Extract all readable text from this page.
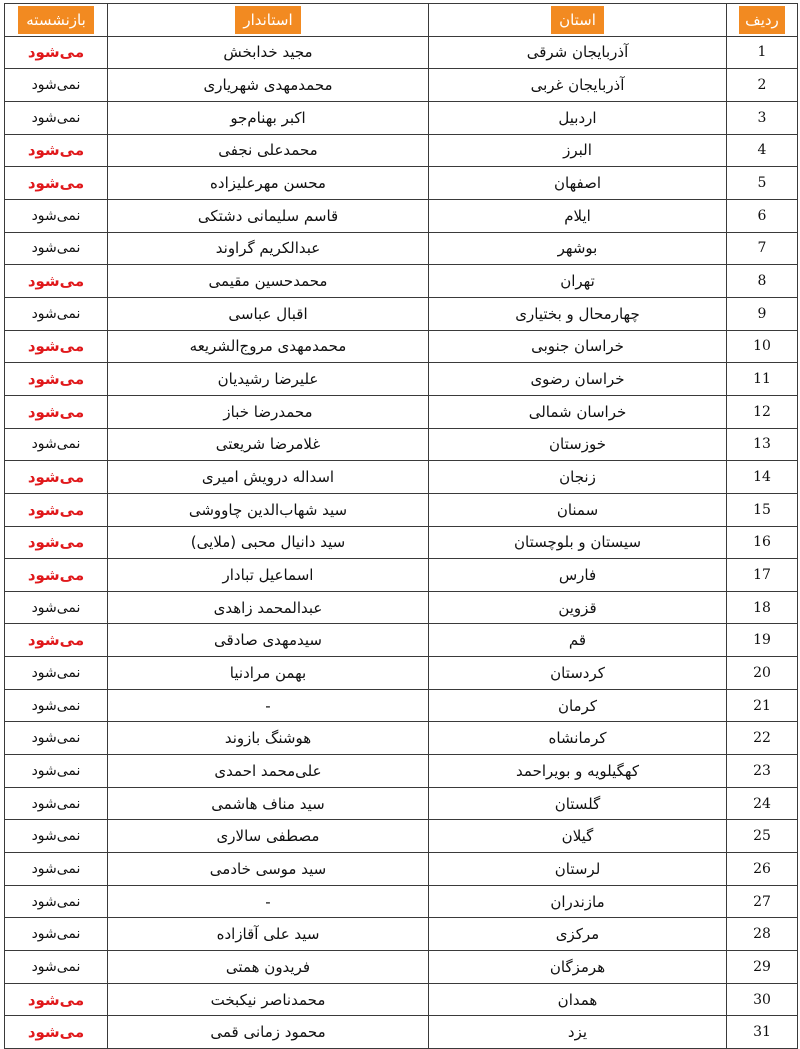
ردیف	استان	استاندار	بازنشسته
1	آذربایجان شرقی	مجید خدابخش	می‌شود
2	آذربایجان غربی	محمدمهدی شهریاری	نمی‌شود
3	اردبیل	اکبر بهنام‌جو	نمی‌شود
4	البرز	محمدعلی نجفی	می‌شود
5	اصفهان	محسن مهرعلیزاده	می‌شود
6	ایلام	قاسم سلیمانی دشتکی	نمی‌شود
7	بوشهر	عبدالکریم گراوند	نمی‌شود
8	تهران	محمدحسین مقیمی	می‌شود
9	چهارمحال و بختیاری	اقبال عباسی	نمی‌شود
10	خراسان جنوبی	محمدمهدی مروج‌الشریعه	می‌شود
11	خراسان رضوی	علیرضا رشیدیان	می‌شود
12	خراسان شمالی	محمدرضا خباز	می‌شود
13	خوزستان	غلامرضا شریعتی	نمی‌شود
14	زنجان	اسداله درویش امیری	می‌شود
15	سمنان	سید شهاب‌الدین چاووشی	می‌شود
16	سیستان و بلوچستان	سید دانیال محبی (ملایی)	می‌شود
17	فارس	اسماعیل تبادار	می‌شود
18	قزوین	عبدالمحمد زاهدی	نمی‌شود
19	قم	سیدمهدی صادقی	می‌شود
20	کردستان	بهمن مرادنیا	نمی‌شود
21	کرمان	-	نمی‌شود
22	کرمانشاه	هوشنگ بازوند	نمی‌شود
23	کهگیلویه و بویراحمد	علی‌محمد احمدی	نمی‌شود
24	گلستان	سید مناف هاشمی	نمی‌شود
25	گیلان	مصطفی سالاری	نمی‌شود
26	لرستان	سید موسی خادمی	نمی‌شود
27	مازندران	-	نمی‌شود
28	مرکزی	سید علی آقازاده	نمی‌شود
29	هرمزگان	فریدون همتی	نمی‌شود
30	همدان	محمدناصر نیکبخت	می‌شود
31	یزد	محمود زمانی قمی	می‌شود
